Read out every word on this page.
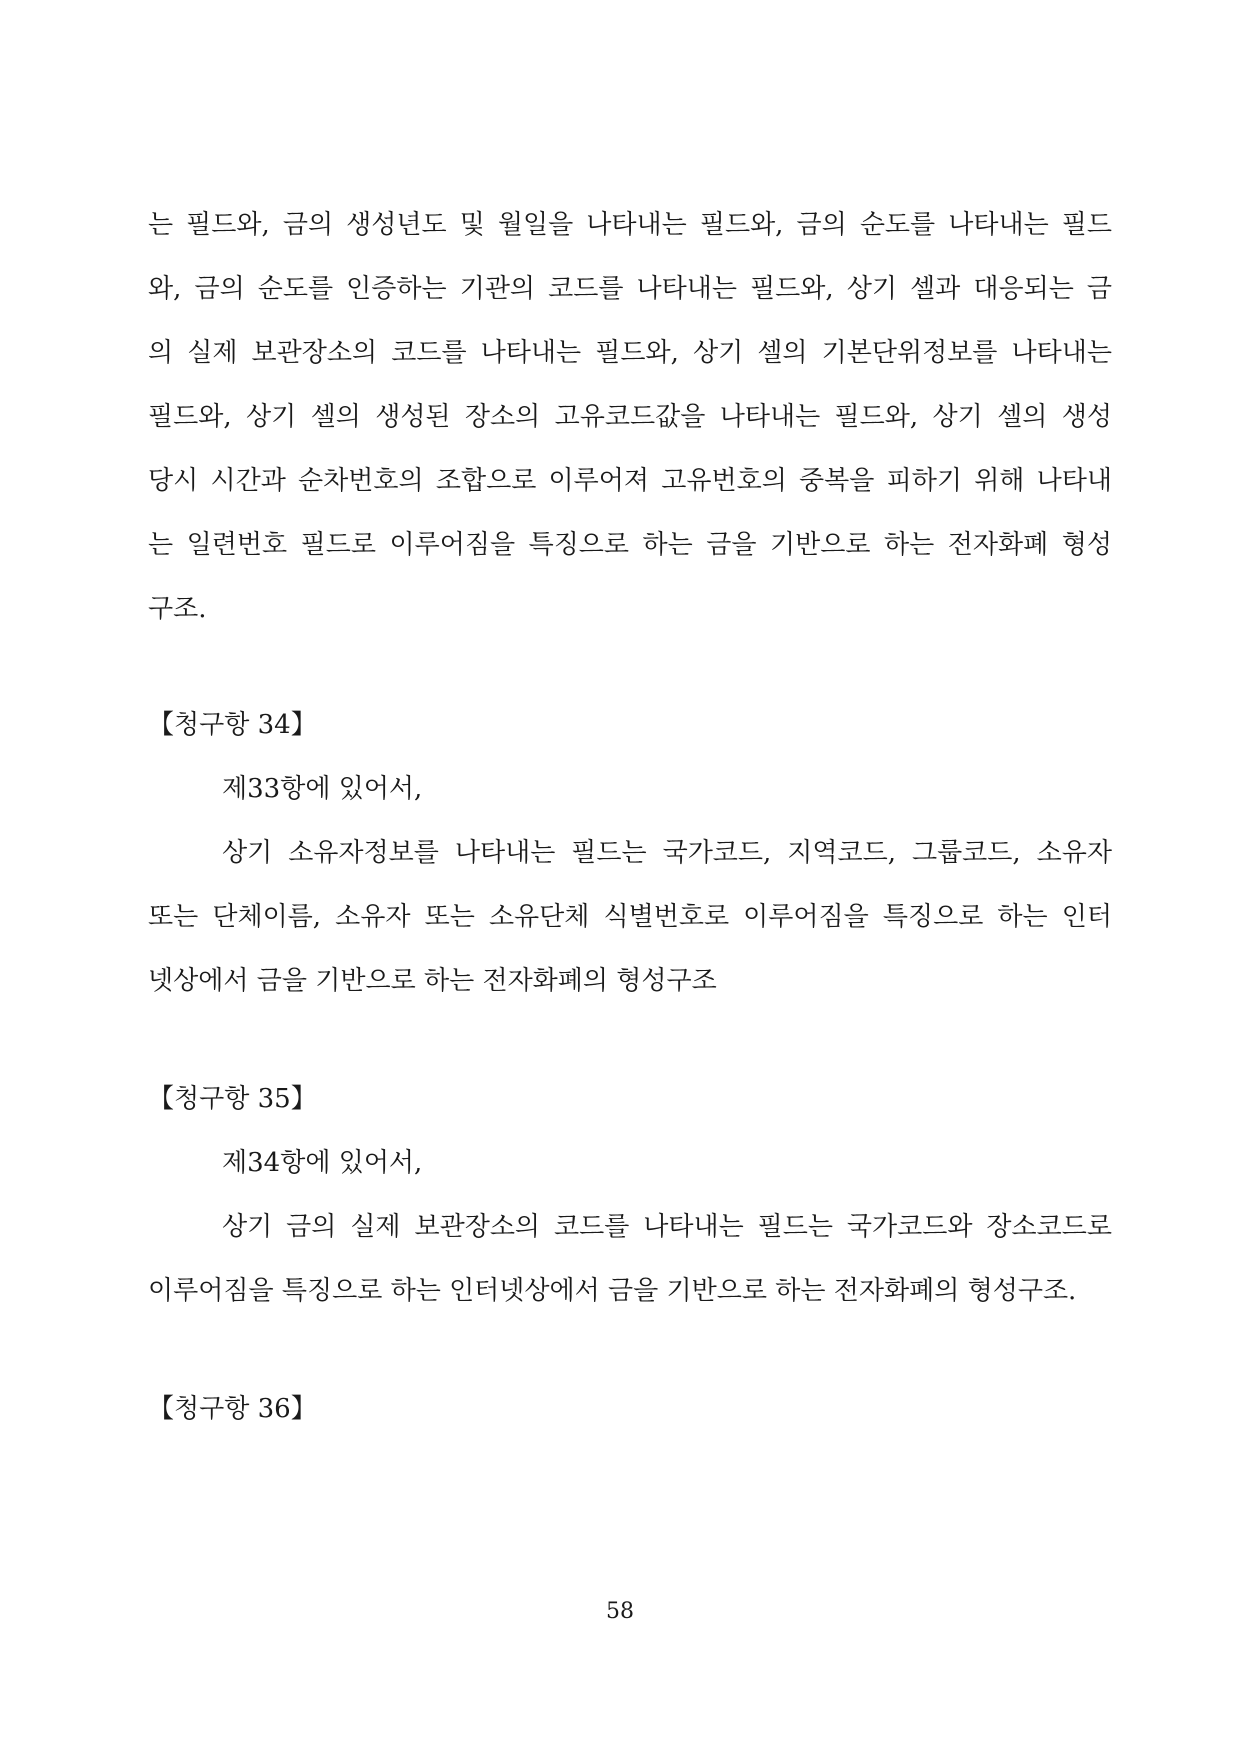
는 필드와, 금의 생성년도 및 월일을 나타내는 필드와, 금의 순도를 나타내는 필드
와, 금의 순도를 인증하는 기관의 코드를 나타내는 필드와, 상기 셀과 대응되는 금
의 실제 보관장소의 코드를 나타내는 필드와, 상기 셀의 기본단위정보를 나타내는
필드와, 상기 셀의 생성된 장소의 고유코드값을 나타내는 필드와, 상기 셀의 생성
당시 시간과 순차번호의 조합으로 이루어져 고유번호의 중복을 피하기 위해 나타내
는 일련번호 필드로 이루어짐을 특징으로 하는 금을 기반으로 하는 전자화폐 형성
구조.
【청구항 34】
제33항에 있어서,
상기 소유자정보를 나타내는 필드는 국가코드, 지역코드, 그룹코드, 소유자
또는 단체이름, 소유자 또는 소유단체 식별번호로 이루어짐을 특징으로 하는 인터
넷상에서 금을 기반으로 하는 전자화폐의 형성구조
【청구항 35】
제34항에 있어서,
상기 금의 실제 보관장소의 코드를 나타내는 필드는 국가코드와 장소코드로
이루어짐을 특징으로 하는 인터넷상에서 금을 기반으로 하는 전자화폐의 형성구조.
【청구항 36】
58
